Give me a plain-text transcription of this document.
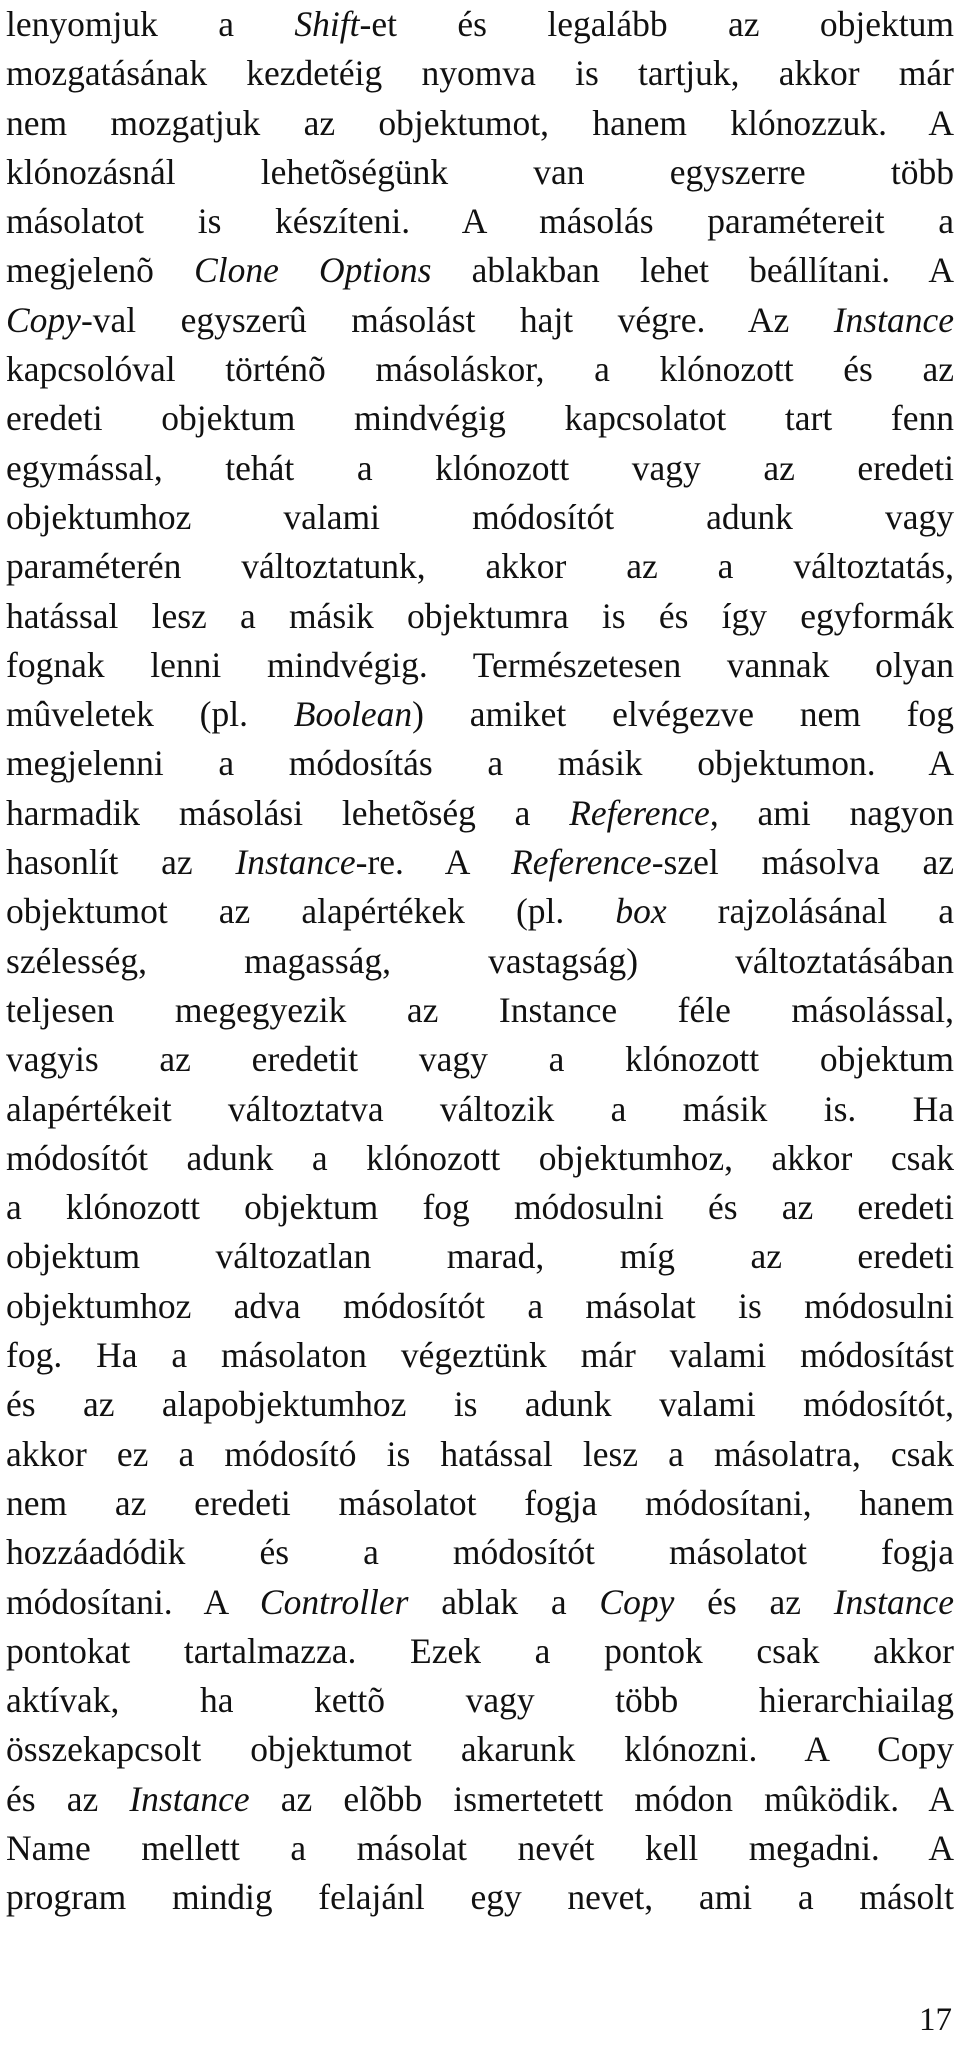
lenyomjuk a Shift-et és legalább az objektum
mozgatásának kezdetéig nyomva is tartjuk, akkor már
nem mozgatjuk az objektumot, hanem klónozzuk. A
klónozásnál lehetõségünk van egyszerre több
másolatot is készíteni. A másolás paramétereit a
megjelenõ Clone Options ablakban lehet beállítani. A
Copy-val egyszerû másolást hajt végre. Az Instance
kapcsolóval történõ másoláskor, a klónozott és az
eredeti objektum mindvégig kapcsolatot tart fenn
egymással, tehát a klónozott vagy az eredeti
objektumhoz valami módosítót adunk vagy
paraméterén változtatunk, akkor az a változtatás,
hatással lesz a másik objektumra is és így egyformák
fognak lenni mindvégig. Természetesen vannak olyan
mûveletek (pl. Boolean) amiket elvégezve nem fog
megjelenni a módosítás a másik objektumon. A
harmadik másolási lehetõség a Reference, ami nagyon
hasonlít az Instance-re. A Reference-szel másolva az
objektumot az alapértékek (pl. box rajzolásánal a
szélesség, magasság, vastagság) változtatásában
teljesen megegyezik az Instance féle másolással,
vagyis az eredetit vagy a klónozott objektum
alapértékeit változtatva változik a másik is. Ha
módosítót adunk a klónozott objektumhoz, akkor csak
a klónozott objektum fog módosulni és az eredeti
objektum változatlan marad, míg az eredeti
objektumhoz adva módosítót a másolat is módosulni
fog. Ha a másolaton végeztünk már valami módosítást
és az alapobjektumhoz is adunk valami módosítót,
akkor ez a módosító is hatással lesz a másolatra, csak
nem az eredeti másolatot fogja módosítani, hanem
hozzáadódik és a módosítót másolatot fogja
módosítani. A Controller ablak a Copy és az Instance
pontokat tartalmazza. Ezek a pontok csak akkor
aktívak, ha kettõ vagy több hierarchiailag
összekapcsolt objektumot akarunk klónozni. A Copy
és az Instance az elõbb ismertetett módon mûködik. A
Name mellett a másolat nevét kell megadni. A
program mindig felajánl egy nevet, ami a másolt
17
